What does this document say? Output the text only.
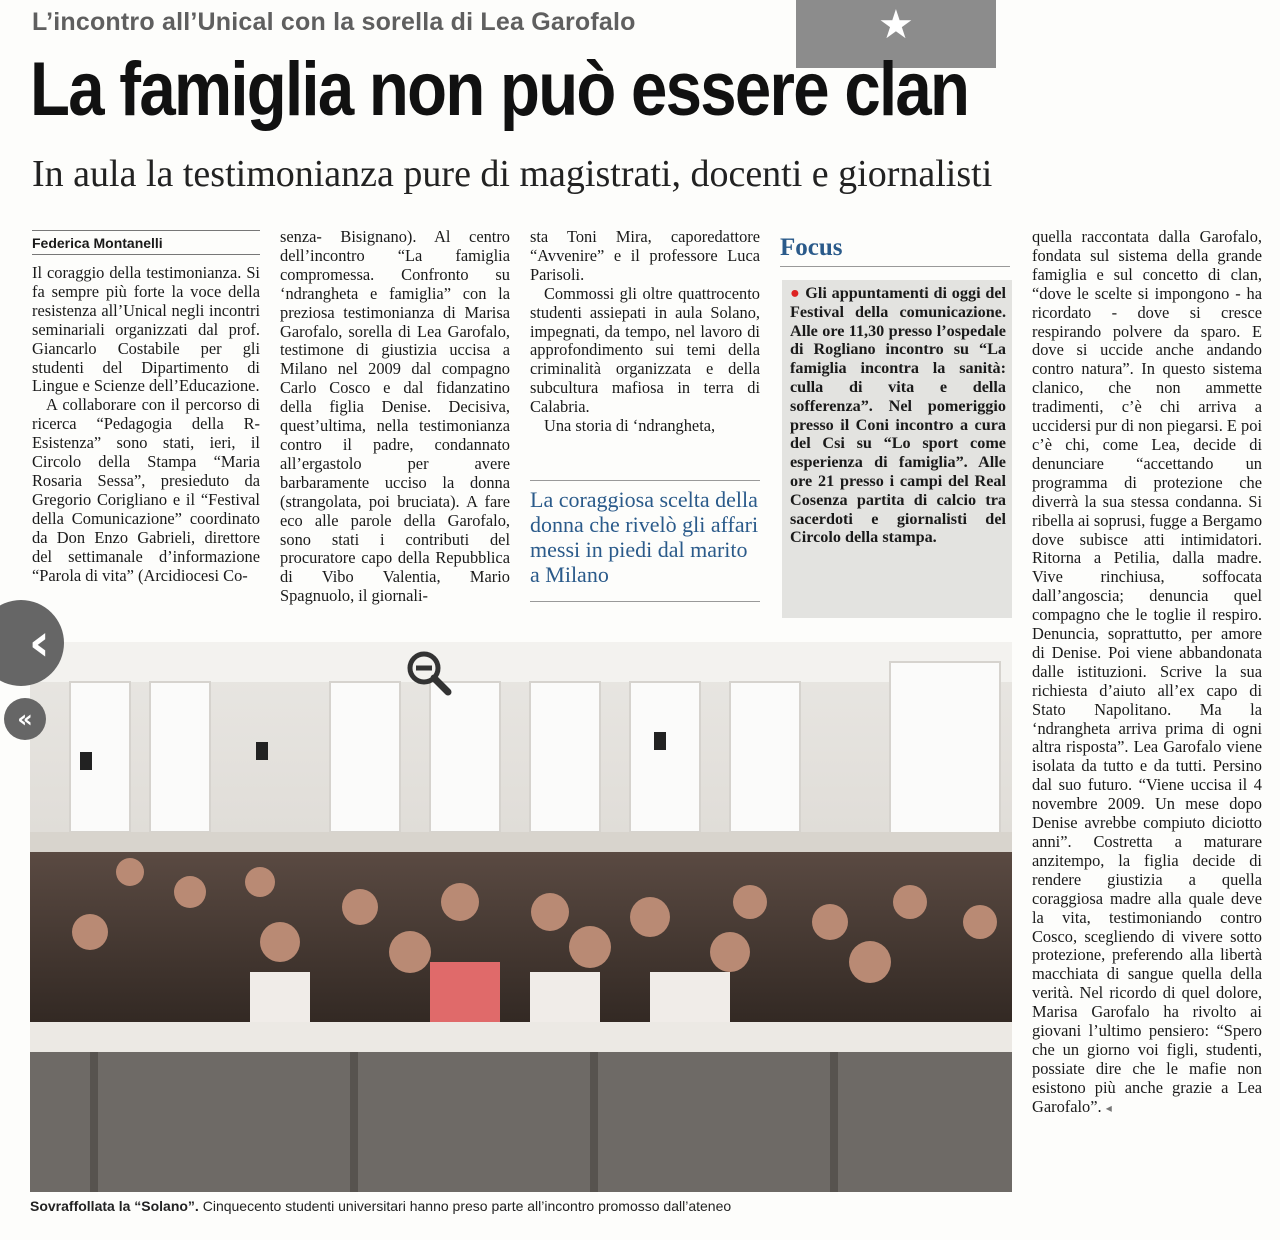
L’incontro all’Unical con la sorella di Lea Garofalo	★
La famiglia non può essere clan
In aula la testimonianza pure di magistrati, docenti e giornalisti
Federica Montanelli

Il coraggio della testimonianza. Si fa sempre più forte la voce della resistenza all’Unical negli incontri seminariali organizzati dal prof. Giancarlo Costabile per gli studenti del Dipartimento di Lingue e Scienze dell’Educazione.

A collaborare con il percorso di ricerca “Pedagogia della R- Esistenza” sono stati, ieri, il Circolo della Stampa “Maria Rosaria Sessa”, presieduto da Gregorio Corigliano e il “Festival della Comunicazione” coordinato da Don Enzo Gabrieli, direttore del settimanale d’informazione “Parola di vita” (Arcidiocesi Co-

senza- Bisignano). Al centro dell’incontro “La famiglia compromessa. Confronto su ‘ndrangheta e famiglia” con la preziosa testimonianza di Marisa Garofalo, sorella di Lea Garofalo, testimone di giustizia uccisa a Milano nel 2009 dal compagno Carlo Cosco e dal fidanzatino della figlia Denise. Decisiva, quest’ultima, nella testimonianza contro il padre, condannato all’ergastolo per avere barbaramente ucciso la donna (strangolata, poi bruciata). A fare eco alle parole della Garofalo, sono stati i contributi del procuratore capo della Repubblica di Vibo Valentia, Mario Spagnuolo, il giornali-

sta Toni Mira, caporedattore “Avvenire” e il professore Luca Parisoli.

Commossi gli oltre quattrocento studenti assiepati in aula Solano, impegnati, da tempo, nel lavoro di approfondimento sui temi della criminalità organizzata e della subcultura mafiosa in terra di Calabria.

Una storia di ‘ndrangheta,

La coraggiosa scelta della donna che rivelò gli affari messi in piedi dal marito a Milano
Focus
● Gli appuntamenti di oggi del Festival della comunicazione. Alle ore 11,30 presso l’ospedale di Rogliano incontro su “La famiglia incontra la sanità: culla di vita e della sofferenza”. Nel pomeriggio presso il Coni incontro a cura del Csi su “Lo sport come esperienza di famiglia”. Alle ore 21 presso i campi del Real Cosenza partita di calcio tra sacerdoti e giornalisti del Circolo della stampa.

quella raccontata dalla Garofalo, fondata sul sistema della grande famiglia e sul concetto di clan, “dove le scelte si impongono - ha ricordato - dove si cresce respirando polvere da sparo. E dove si uccide anche andando contro natura”. In questo sistema clanico, che non ammette tradimenti, c’è chi arriva a uccidersi pur di non piegarsi. E poi c’è chi, come Lea, decide di denunciare “accettando un programma di protezione che diverrà la sua stessa condanna. Si ribella ai soprusi, fugge a Bergamo dove subisce atti intimidatori. Ritorna a Petilia, dalla madre. Vive rinchiusa, soffocata dall’angoscia; denuncia quel compagno che le toglie il respiro. Denuncia, soprattutto, per amore di Denise. Poi viene abbandonata dalle istituzioni. Scrive la sua richiesta d’aiuto all’ex capo di Stato Napolitano. Ma la ‘ndrangheta arriva prima di ogni altra risposta”. Lea Garofalo viene isolata da tutto e da tutti. Persino dal suo futuro. “Viene uccisa il 4 novembre 2009. Un mese dopo Denise avrebbe compiuto diciotto anni”. Costretta a maturare anzitempo, la figlia decide di rendere giustizia a quella coraggiosa madre alla quale deve la vita, testimoniando contro Cosco, scegliendo di vivere sotto protezione, preferendo alla libertà macchiata di sangue quella della verità. Nel ricordo di quel dolore, Marisa Garofalo ha rivolto ai giovani l’ultimo pensiero: “Spero che un giorno voi figli, studenti, possiate dire che le mafie non esistono più anche grazie a Lea Garofalo”. ◂

Sovraffollata la “Solano”. Cinquecento studenti universitari hanno preso parte all’incontro promosso dall’ateneo
‹
«
